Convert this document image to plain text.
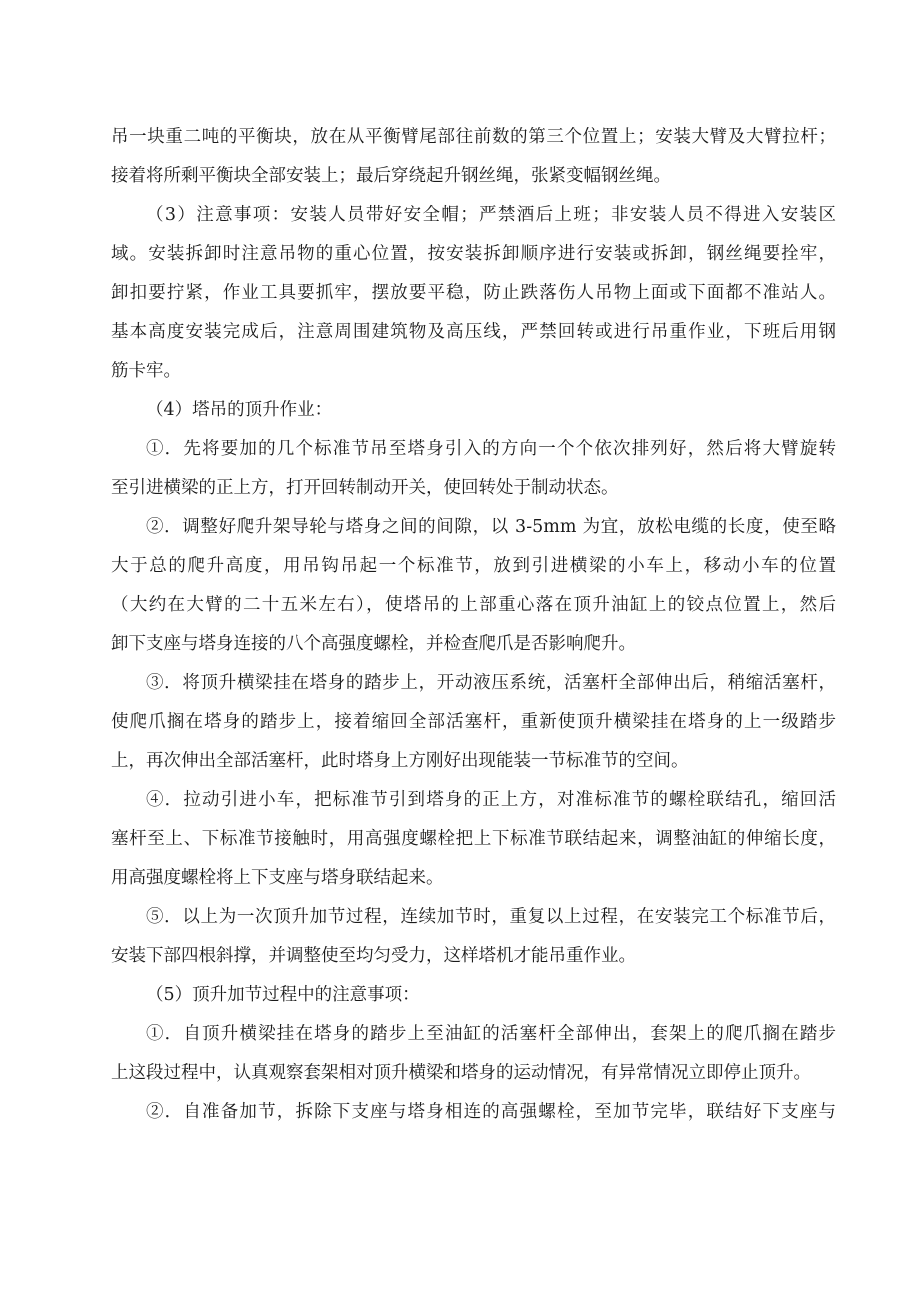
吊一块重二吨的平衡块，放在从平衡臂尾部往前数的第三个位置上；安装大臂及大臂拉杆；
接着将所剩平衡块全部安装上；最后穿绕起升钢丝绳，张紧变幅钢丝绳。
（3）注意事项：安装人员带好安全帽；严禁酒后上班；非安装人员不得进入安装区
域。安装拆卸时注意吊物的重心位置，按安装拆卸顺序进行安装或拆卸，钢丝绳要拴牢，
卸扣要拧紧，作业工具要抓牢，摆放要平稳，防止跌落伤人吊物上面或下面都不准站人。
基本高度安装完成后，注意周围建筑物及高压线，严禁回转或进行吊重作业，下班后用钢
筋卡牢。
（4）塔吊的顶升作业：
①．先将要加的几个标准节吊至塔身引入的方向一个个依次排列好，然后将大臂旋转
至引进横梁的正上方，打开回转制动开关，使回转处于制动状态。
②．调整好爬升架导轮与塔身之间的间隙，以 3-5mm 为宜，放松电缆的长度，使至略
大于总的爬升高度，用吊钩吊起一个标准节，放到引进横梁的小车上，移动小车的位置
（大约在大臂的二十五米左右），使塔吊的上部重心落在顶升油缸上的铰点位置上，然后
卸下支座与塔身连接的八个高强度螺栓，并检查爬爪是否影响爬升。
③．将顶升横梁挂在塔身的踏步上，开动液压系统，活塞杆全部伸出后，稍缩活塞杆，
使爬爪搁在塔身的踏步上，接着缩回全部活塞杆，重新使顶升横梁挂在塔身的上一级踏步
上，再次伸出全部活塞杆，此时塔身上方刚好出现能装一节标准节的空间。
④．拉动引进小车，把标准节引到塔身的正上方，对准标准节的螺栓联结孔，缩回活
塞杆至上、下标准节接触时，用高强度螺栓把上下标准节联结起来，调整油缸的伸缩长度，
用高强度螺栓将上下支座与塔身联结起来。
⑤．以上为一次顶升加节过程，连续加节时，重复以上过程，在安装完工个标准节后，
安装下部四根斜撑，并调整使至均匀受力，这样塔机才能吊重作业。
（5）顶升加节过程中的注意事项：
①．自顶升横梁挂在塔身的踏步上至油缸的活塞杆全部伸出，套架上的爬爪搁在踏步
上这段过程中，认真观察套架相对顶升横梁和塔身的运动情况，有异常情况立即停止顶升。
②．自准备加节，拆除下支座与塔身相连的高强螺栓，至加节完毕，联结好下支座与
